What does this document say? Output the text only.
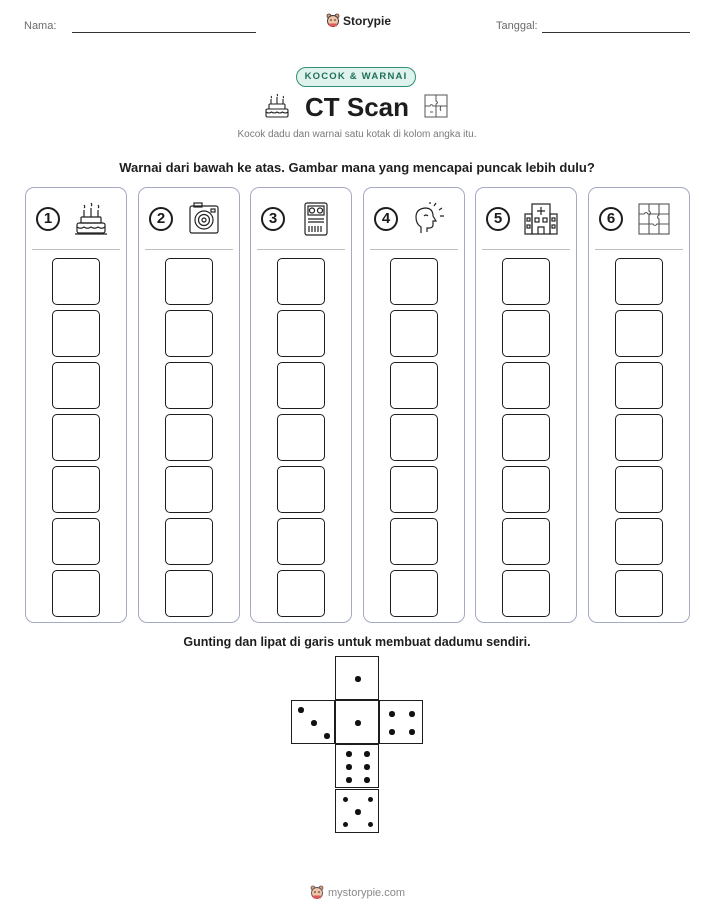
Nama:	Storypie	Tanggal:
KOCOK & WARNAI
CT Scan
Kocok dadu dan warnai satu kotak di kolom angka itu.
Warnai dari bawah ke atas. Gambar mana yang mencapai puncak lebih dulu?
1	2	3	4	5	6
Gunting dan lipat di garis untuk membuat dadumu sendiri.
mystorypie.com
